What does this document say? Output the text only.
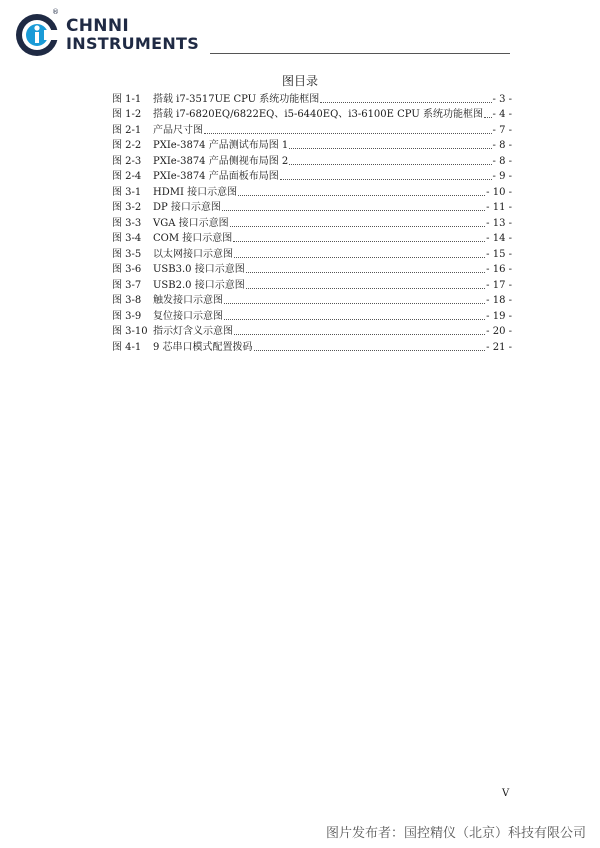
®
CHNNI
INSTRUMENTS
图目录
图 1-1	搭载 i7-3517UE CPU 系统功能框图	- 3 -
图 1-2	搭载 i7-6820EQ/6822EQ、i5-6440EQ、i3-6100E CPU 系统功能框图 - 4 -
图 2-1	产品尺寸图	- 7 -
图 2-2	PXIe-3874 产品测试布局图 1	- 8 -
图 2-3	PXIe-3874 产品侧视布局图 2	- 8 -
图 2-4	PXIe-3874 产品面板布局图	- 9 -
图 3-1	HDMI 接口示意图	- 10 -
图 3-2	DP 接口示意图	- 11 -
图 3-3	VGA 接口示意图	- 13 -
图 3-4	COM 接口示意图	- 14 -
图 3-5	以太网接口示意图	- 15 -
图 3-6	USB3.0 接口示意图	- 16 -
图 3-7	USB2.0 接口示意图	- 17 -
图 3-8	触发接口示意图	- 18 -
图 3-9	复位接口示意图	- 19 -
图 3-10 指示灯含义示意图	- 20 -
图 4-1	9 芯串口模式配置拨码	- 21 -
V
图片发布者：国控精仪（北京）科技有限公司
